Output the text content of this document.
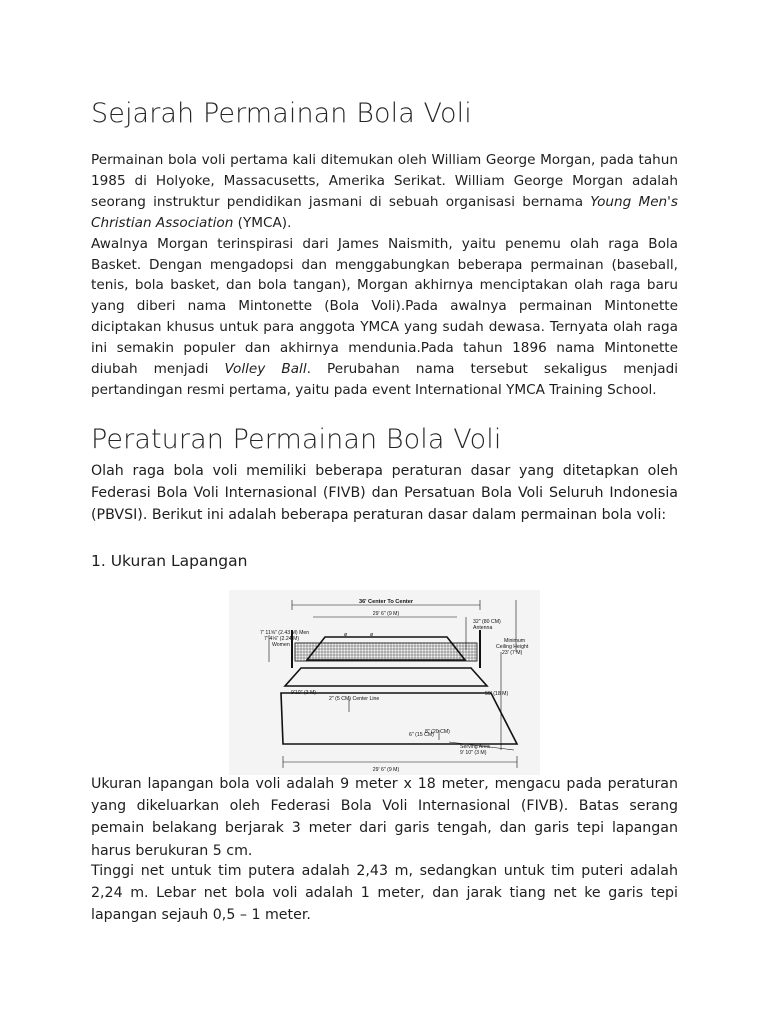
Sejarah Permainan Bola Voli

Permainan bola voli pertama kali ditemukan oleh William George Morgan, pada tahun 1985 di Holyoke, Massacusetts, Amerika Serikat. William George Morgan adalah seorang instruktur pendidikan jasmani di sebuah organisasi bernama Young Men's Christian Association (YMCA).
Awalnya Morgan terinspirasi dari James Naismith, yaitu penemu olah raga Bola Basket. Dengan mengadopsi dan menggabungkan beberapa permainan (baseball, tenis, bola basket, dan bola tangan), Morgan akhirnya menciptakan olah raga baru yang diberi nama Mintonette (Bola Voli).Pada awalnya permainan Mintonette diciptakan khusus untuk para anggota YMCA yang sudah dewasa. Ternyata olah raga ini semakin populer dan akhirnya mendunia.Pada tahun 1896 nama Mintonette diubah menjadi Volley Ball. Perubahan nama tersebut sekaligus menjadi pertandingan resmi pertama, yaitu pada event International YMCA Training School.

Peraturan Permainan Bola Voli

Olah raga bola voli memiliki beberapa peraturan dasar yang ditetapkan oleh Federasi Bola Voli Internasional (FIVB) dan Persatuan Bola Voli Seluruh Indonesia (PBVSI). Berikut ini adalah beberapa peraturan dasar dalam permainan bola voli:

1. Ukuran Lapangan
36' Center To Center
29' 6" (9 M)
32" (80 CM)
Antenna
Minimum
Ceiling Height
23' (7 M)
7' 11⅝" (2.43 M) Men
7' 4⅛" (2.24 M)
Women
9'10" (3 M)
2" (5 CM) Center Line
59' (18 M)
8" (20 CM)
6" (15 CM)
Serving Area
9' 10" (3 M)
29' 6" (9 M)
ø	ø

Ukuran lapangan bola voli adalah 9 meter x 18 meter, mengacu pada peraturan yang dikeluarkan oleh Federasi Bola Voli Internasional (FIVB). Batas serang pemain belakang berjarak 3 meter dari garis tengah, dan garis tepi lapangan harus berukuran 5 cm.

Tinggi net untuk tim putera adalah 2,43 m, sedangkan untuk tim puteri adalah 2,24 m. Lebar net bola voli adalah 1 meter, dan jarak tiang net ke garis tepi lapangan sejauh 0,5 – 1 meter.
